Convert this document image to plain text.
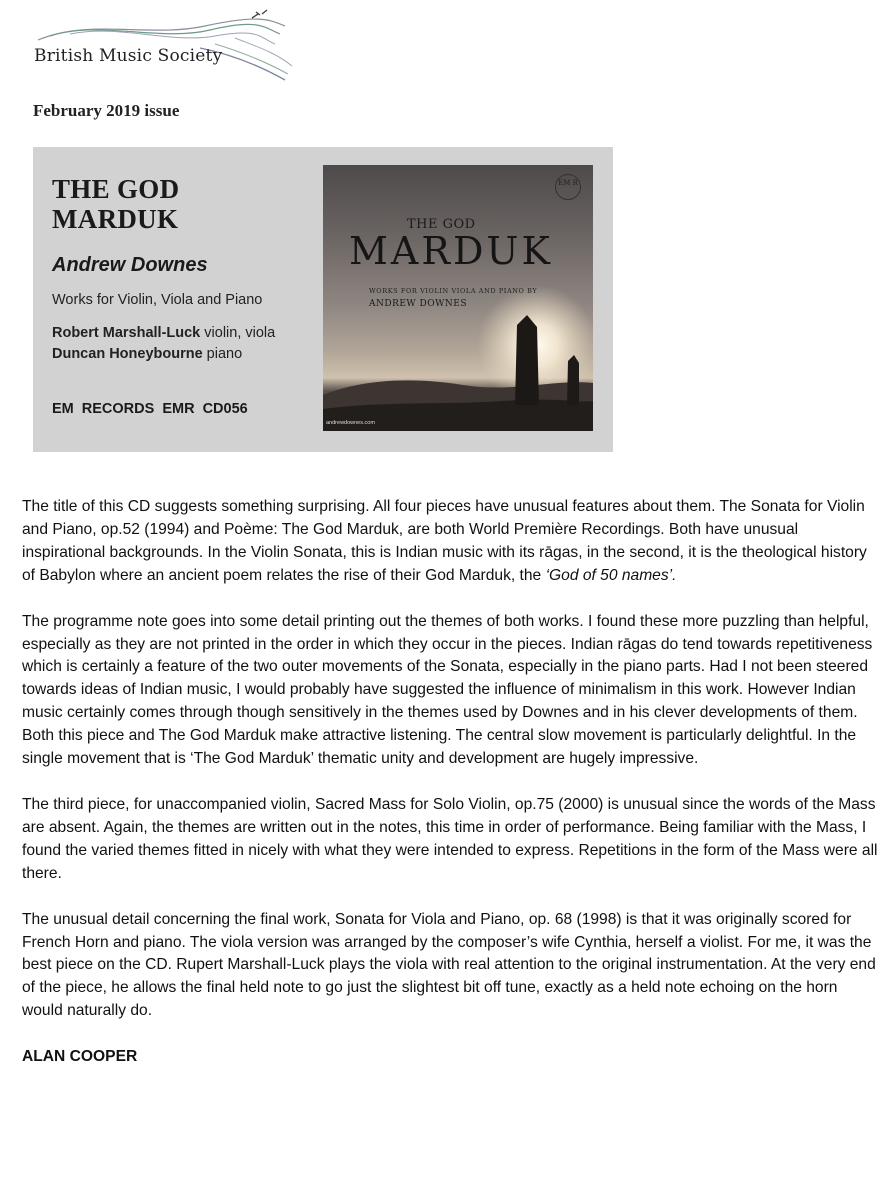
British Music Society
February 2019 issue
THE GOD
MARDUK
Andrew Downes
Works for Violin, Viola and Piano
Robert Marshall-Luck violin, viola
Duncan Honeybourne piano
EM RECORDS EMR CD056
EM R
THE GOD
MARDUK
WORKS FOR VIOLIN VIOLA AND PIANO BY
ANDREW DOWNES
andrewdownes.com

The title of this CD suggests something surprising. All four pieces have unusual features about them. The Sonata for Violin and Piano, op.52 (1994) and Poème: The God Marduk, are both World Première Recordings. Both have unusual inspirational backgrounds. In the Violin Sonata, this is Indian music with its rāgas, in the second, it is the theological history of Babylon where an ancient poem relates the rise of their God Marduk, the ‘God of 50 names’.

The programme note goes into some detail printing out the themes of both works. I found these more puzzling than helpful, especially as they are not printed in the order in which they occur in the pieces. Indian rāgas do tend towards repetitiveness which is certainly a feature of the two outer movements of the Sonata, especially in the piano parts. Had I not been steered towards ideas of Indian music, I would probably have suggested the influence of minimalism in this work. However Indian music certainly comes through though sensitively in the themes used by Downes and in his clever developments of them. Both this piece and The God Marduk make attractive listening. The central slow movement is particularly delightful. In the single movement that is ‘The God Marduk’ thematic unity and development are hugely impressive.

The third piece, for unaccompanied violin, Sacred Mass for Solo Violin, op.75 (2000) is unusual since the words of the Mass are absent. Again, the themes are written out in the notes, this time in order of performance. Being familiar with the Mass, I found the varied themes fitted in nicely with what they were intended to express. Repetitions in the form of the Mass were all there.

The unusual detail concerning the final work, Sonata for Viola and Piano, op. 68 (1998) is that it was originally scored for French Horn and piano. The viola version was arranged by the composer’s wife Cynthia, herself a violist. For me, it was the best piece on the CD. Rupert Marshall-Luck plays the viola with real attention to the original instrumentation. At the very end of the piece, he allows the final held note to go just the slightest bit off tune, exactly as a held note echoing on the horn would naturally do.

ALAN COOPER
